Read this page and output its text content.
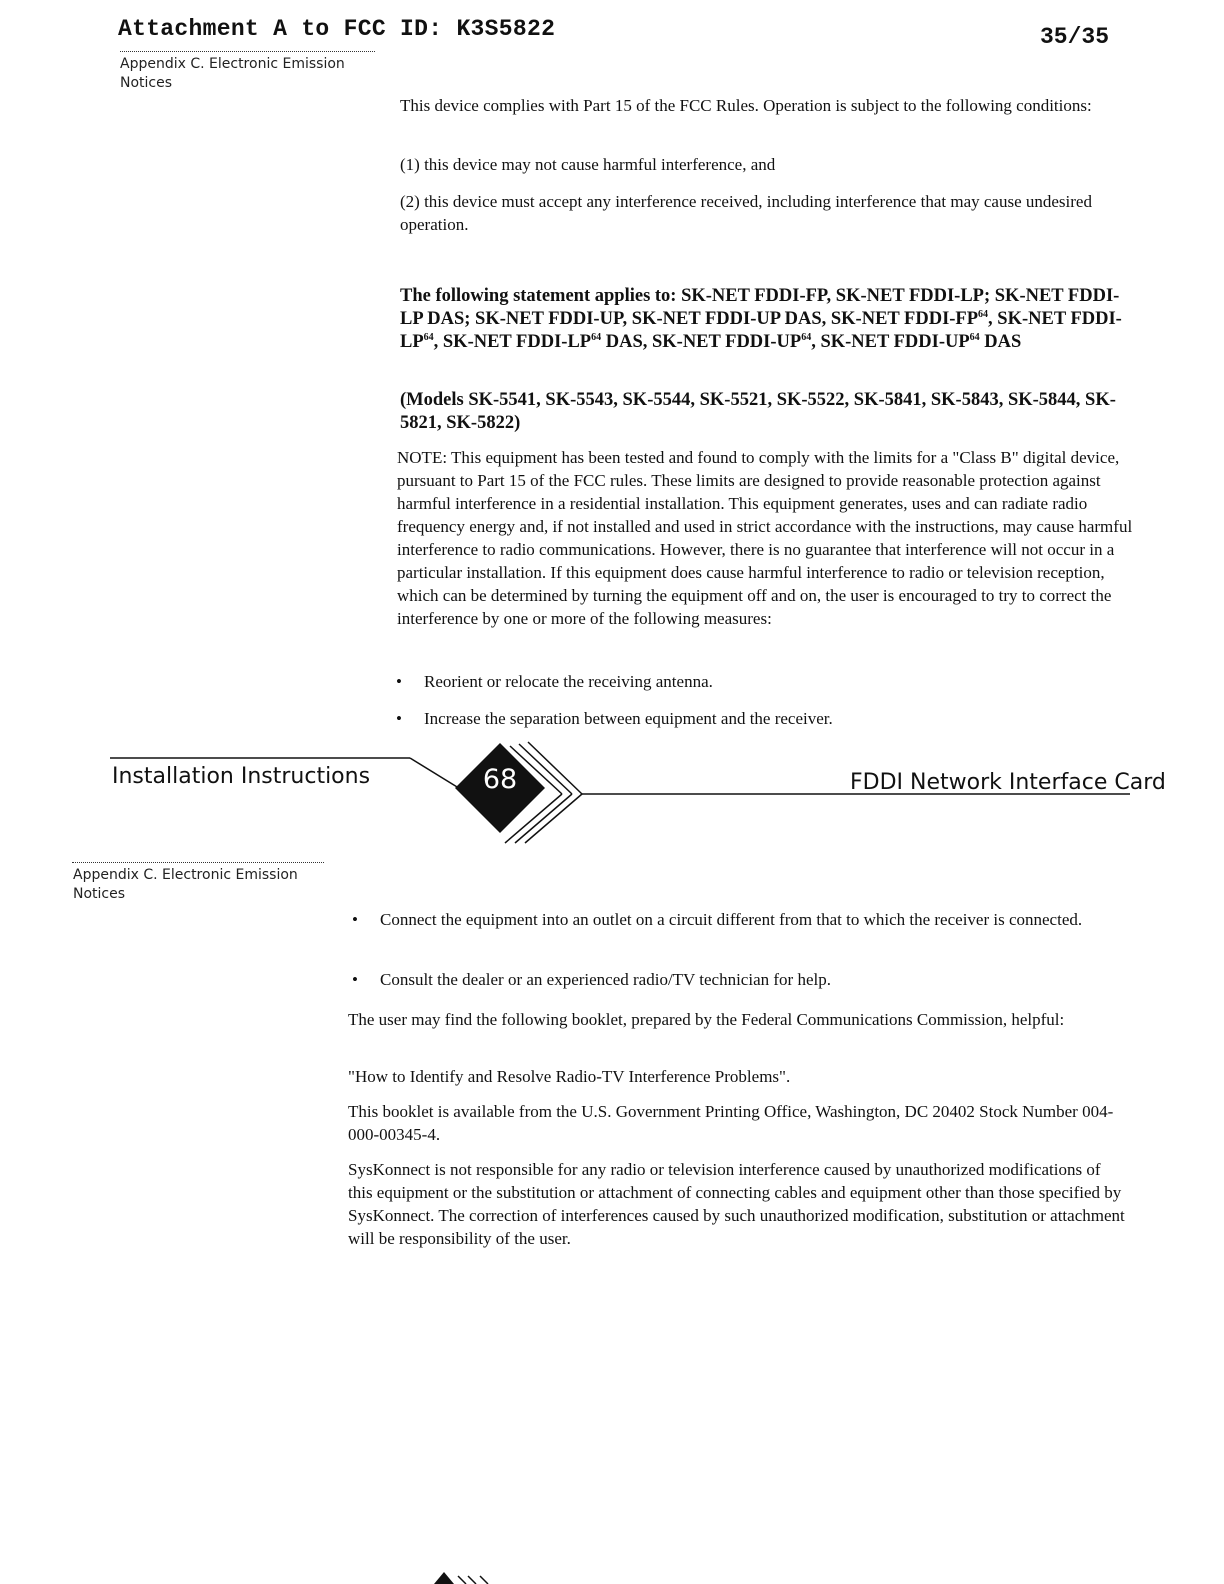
Attachment A to FCC ID: K3S5822	35/35
Appendix C. Electronic Emission
Notices

This device complies with Part 15 of the FCC Rules. Operation is subject to the following conditions:

(1) this device may not cause harmful interference, and

(2) this device must accept any interference received, including interference that may cause undesired operation.

The following statement applies to: SK-NET FDDI-FP, SK-NET FDDI-LP; SK-NET FDDI-LP DAS; SK-NET FDDI-UP, SK-NET FDDI-UP DAS, SK-NET FDDI-FP$^{64}$, SK-NET FDDI-LP$^{64}$, SK-NET FDDI-LP$^{64}$ DAS, SK-NET FDDI-UP$^{64}$, SK-NET FDDI-UP$^{64}$ DAS

(Models SK-5541, SK-5543, SK-5544, SK-5521, SK-5522, SK-5841, SK-5843, SK-5844, SK-5821, SK-5822)

NOTE: This equipment has been tested and found to comply with the limits for a "Class B" digital device, pursuant to Part 15 of the FCC rules. These limits are designed to provide reasonable protection against harmful interference in a residential installation. This equipment generates, uses and can radiate radio frequency energy and, if not installed and used in strict accordance with the instructions, may cause harmful interference to radio communications. However, there is no guarantee that interference will not occur in a particular installation. If this equipment does cause harmful interference to radio or television reception, which can be determined by turning the equipment off and on, the user is encouraged to try to correct the interference by one or more of the following measures:

•	Reorient or relocate the receiving antenna.
•	Increase the separation between equipment and the receiver.
68
Installation Instructions	FDDI Network Interface Card
Appendix C. Electronic Emission
Notices
•	Connect the equipment into an outlet on a circuit different from that to which the receiver is connected.
•	Consult the dealer or an experienced radio/TV technician for help.

The user may find the following booklet, prepared by the Federal Communications Commission, helpful:

"How to Identify and Resolve Radio-TV Interference Problems".

This booklet is available from the U.S. Government Printing Office, Washington, DC 20402 Stock Number 004-000-00345-4.

SysKonnect is not responsible for any radio or television interference caused by unauthorized modifications of this equipment or the substitution or attachment of connecting cables and equipment other than those specified by SysKonnect. The correction of interferences caused by such unauthorized modification, substitution or attachment will be responsibility of the user.
